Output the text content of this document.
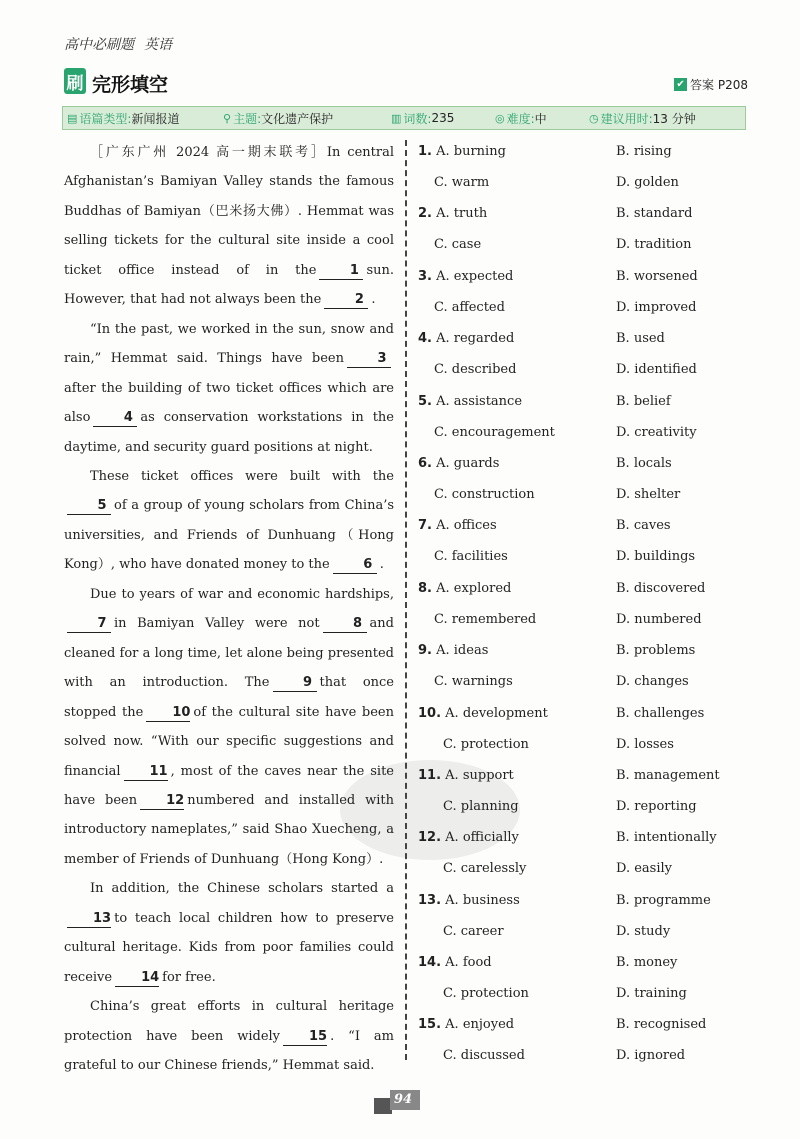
高中必刷题 英语
刷 完形填空	✔ 答案
P208
▤ 语篇类型: 新闻报道	⚲ 主题: 文化遗产保护	▥ 词数: 235	◎ 难度: 中	◷ 建议用时: 13 分钟

［广东广州 2024 高一期末联考］In central Afghanistan’s Bamiyan Valley stands the famous Buddhas of Bamiyan（巴米扬大佛）. Hemmat was selling tickets for the cultural site inside a cool ticket office instead of in the	1 sun. However, that had not always been the	2 .

“In the past, we worked in the sun, snow and rain,” Hemmat said. Things have been	3after the building of two ticket offices which are also	4 as conservation workstations in the daytime, and security guard positions at night.

These ticket offices were built with the5 of a group of young scholars from China’s universities, and Friends of Dunhuang（Hong Kong）, who have donated money to the	6 .

Due to years of war and economic hardships,7 in Bamiyan Valley were not	8 and cleaned for a long time, let alone being presented with an introduction. The	9 that once stopped the 10 of the cultural site have been solved now. “With our specific suggestions and financial 11 , most of the caves near the site have been 12 numbered and installed with introductory nameplates,” said Shao Xuecheng, a member of Friends of Dunhuang（Hong Kong）.

In addition, the Chinese scholars started a13 to teach local children how to preserve cultural heritage. Kids from poor families could receive 14 for free.

China’s great efforts in cultural heritage protection have been widely 15 . “I am grateful to our Chinese friends,” Hemmat said.

1. A. burning	B. rising
C. warm	D. golden
2. A. truth	B. standard
C. case	D. tradition
3. A. expected	B. worsened
C. affected	D. improved
4. A. regarded	B. used
C. described	D. identified
5. A. assistance	B. belief
C. encouragement	D. creativity
6. A. guards	B. locals
C. construction	D. shelter
7. A. offices	B. caves
C. facilities	D. buildings
8. A. explored	B. discovered
C. remembered	D. numbered
9. A. ideas	B. problems
C. warnings	D. changes
10. A. development	B. challenges
C. protection	D. losses
11. A. support	B. management
C. planning	D. reporting
12. A. officially	B. intentionally
C. carelessly	D. easily
13. A. business	B. programme
C. career	D. study
14. A. food	B. money
C. protection	D. training
15. A. enjoyed	B. recognised
C. discussed	D. ignored
94
